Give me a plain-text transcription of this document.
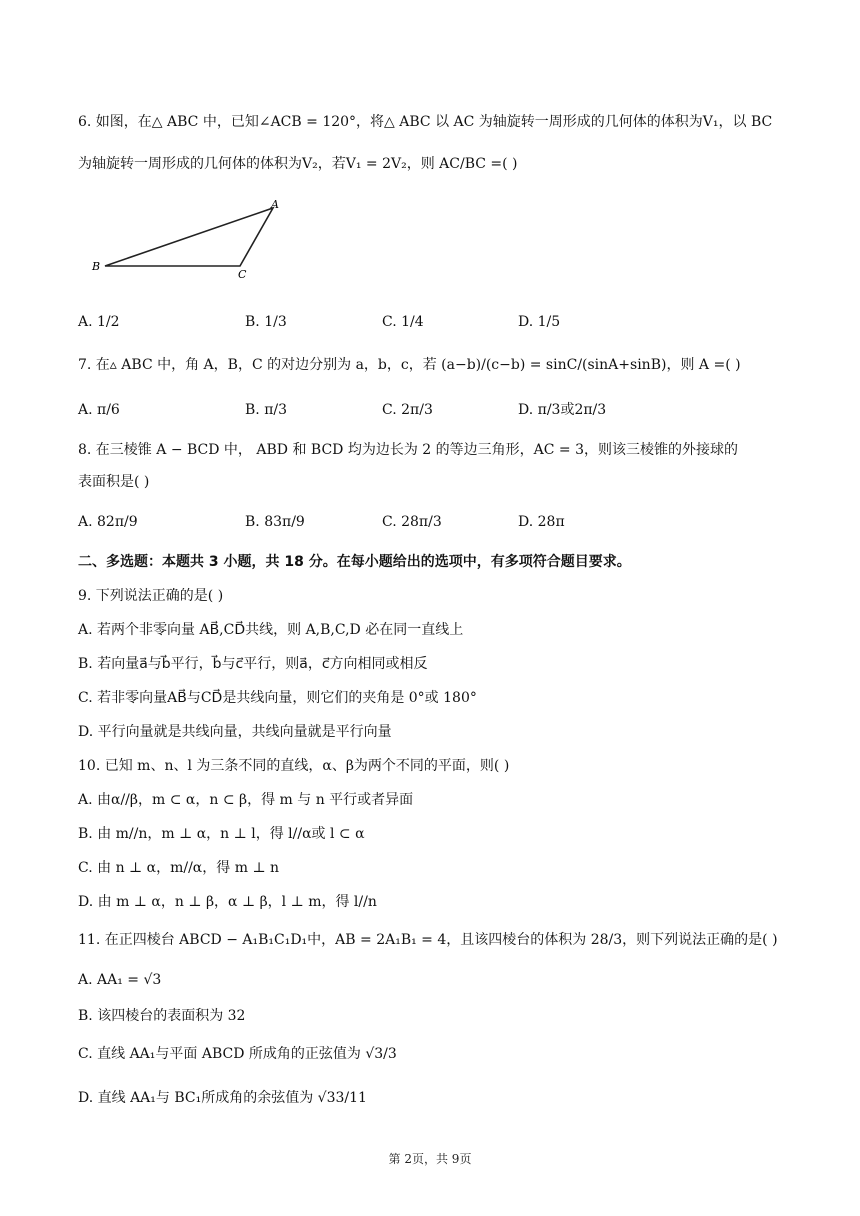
6. 如图，在△ ABC 中，已知∠ACB = 120°，将△ ABC 以 AC 为轴旋转一周形成的几何体的体积为V₁，以 BC
为轴旋转一周形成的几何体的体积为V₂，若V₁ = 2V₂，则 AC/BC =( )
A
B
C
A. 1/2	B. 1/3	C. 1/4	D. 1/5
7. 在▵ ABC 中，角 A，B，C 的对边分别为 a，b，c，若 (a−b)/(c−b) = sinC/(sinA+sinB)，则 A =( )
A. π/6	B. π/3	C. 2π/3	D. π/3或2π/3
8. 在三棱锥 A − BCD 中， ABD 和 BCD 均为边长为 2 的等边三角形，AC = 3，则该三棱锥的外接球的
表面积是( )
A. 82π/9	B. 83π/9	C. 28π/3	D. 28π
二、多选题：本题共 3 小题，共 18 分。在每小题给出的选项中，有多项符合题目要求。
9. 下列说法正确的是( )
A. 若两个非零向量 AB⃗,CD⃗共线，则 A,B,C,D 必在同一直线上
B. 若向量a⃗与b⃗平行，b⃗与c⃗平行，则a⃗，c⃗方向相同或相反
C. 若非零向量AB⃗与CD⃗是共线向量，则它们的夹角是 0°或 180°
D. 平行向量就是共线向量，共线向量就是平行向量
10. 已知 m、n、l 为三条不同的直线，α、β为两个不同的平面，则( )
A. 由α//β，m ⊂ α，n ⊂ β，得 m 与 n 平行或者异面
B. 由 m//n，m ⊥ α，n ⊥ l，得 l//α或 l ⊂ α
C. 由 n ⊥ α，m//α，得 m ⊥ n
D. 由 m ⊥ α，n ⊥ β，α ⊥ β，l ⊥ m，得 l//n
11. 在正四棱台 ABCD − A₁B₁C₁D₁中，AB = 2A₁B₁ = 4，且该四棱台的体积为 28/3，则下列说法正确的是( )
A. AA₁ = √3
B. 该四棱台的表面积为 32
C. 直线 AA₁与平面 ABCD 所成角的正弦值为 √3/3
D. 直线 AA₁与 BC₁所成角的余弦值为 √33/11
第 2页，共 9页
